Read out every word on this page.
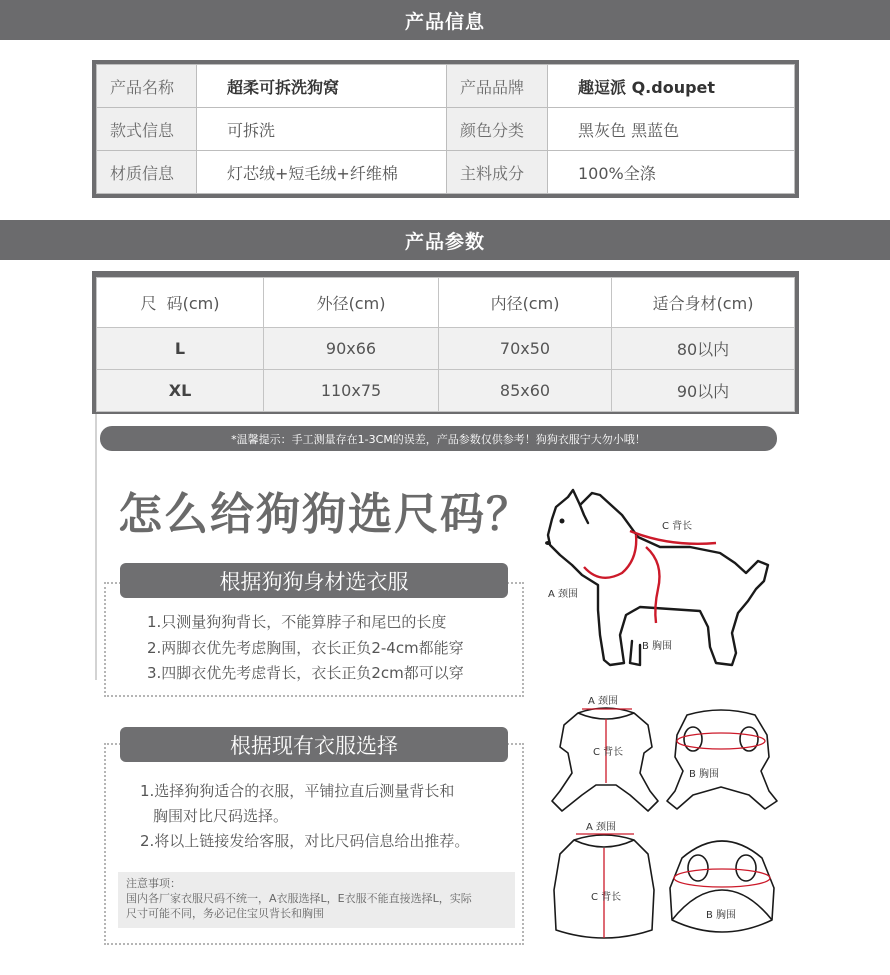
产品信息
产品名称	超柔可拆洗狗窝	产品品牌	趣逗派 Q.doupet
款式信息	可拆洗	颜色分类	黑灰色 黑蓝色
材质信息	灯芯绒+短毛绒+纤维棉	主料成分	100%全涤
产品参数
尺  码(cm)	外径(cm)	内径(cm)	适合身材(cm)
L	90x66	70x50	80以内
XL	110x75	85x60	90以内
*温馨提示：手工测量存在1-3CM的误差，产品参数仅供参考！狗狗衣服宁大勿小哦！
怎么给狗狗选尺码？
根据狗狗身材选衣服
1.只测量狗狗背长，不能算脖子和尾巴的长度
2.两脚衣优先考虑胸围，衣长正负2-4cm都能穿
3.四脚衣优先考虑背长，衣长正负2cm都可以穿
根据现有衣服选择
1.选择狗狗适合的衣服，平铺拉直后测量背长和
胸围对比尺码选择。
2.将以上链接发给客服，对比尺码信息给出推荐。
注意事项：
国内各厂家衣服尺码不统一，A衣服选择L，E衣服不能直接选择L，实际
尺寸可能不同，务必记住宝贝背长和胸围
C 背长
A 颈围
B 胸围
A 颈围
C 背长
B 胸围
A 颈围
C 背长
B 胸围
